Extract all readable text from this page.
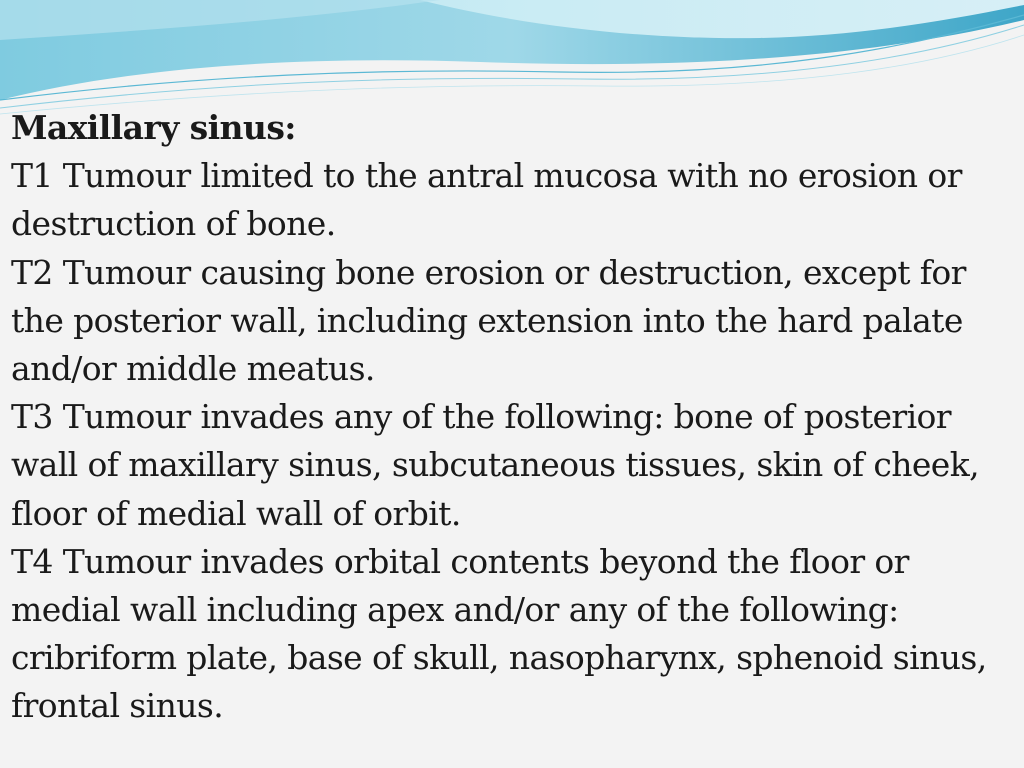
Maxillary sinus:
T1 Tumour limited to the antral mucosa with no erosion or destruction of bone.
T2 Tumour causing bone erosion or destruction, except for the posterior wall, including extension into the hard palate and/or middle meatus.
T3 Tumour invades any of the following: bone of posterior wall of maxillary sinus, subcutaneous tissues, skin of cheek, floor of medial wall of orbit.
T4 Tumour invades orbital contents beyond the floor or medial wall including apex and/or any of the following: cribriform plate, base of skull, nasopharynx, sphenoid sinus, frontal sinus.
